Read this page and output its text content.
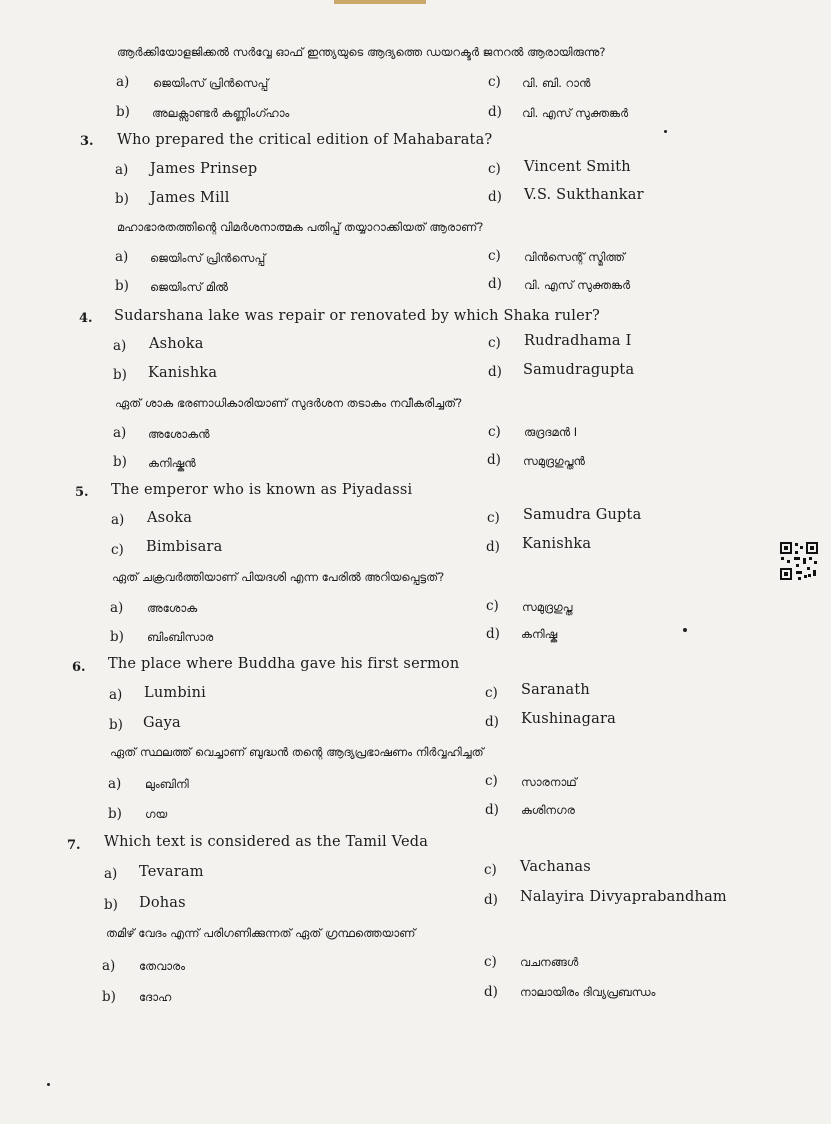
ആർക്കിയോളജിക്കൽ സർവ്വേ ഓഫ് ഇന്ത്യയുടെ ആദ്യത്തെ ഡയറക്ടർ ജനറൽ ആരായിരുന്നു?
a) ജെയിംസ് പ്രിൻസെപ്പ്	c) വി. ബി. റാൻ
b) അലക്സാണ്ടർ കണ്ണിംഗ്ഹാം	d) വി. എസ് സുക്തങ്കർ
3. Who prepared the critical edition of Mahabarata?
a) James Prinsep	c) Vincent Smith
b) James Mill	d) V.S. Sukthankar
മഹാഭാരതത്തിന്റെ വിമർശനാത്മക പതിപ്പ് തയ്യാറാക്കിയത് ആരാണ്?
a) ജെയിംസ് പ്രിൻസെപ്പ്	c) വിൻസെന്റ് സ്മിത്ത്
b) ജെയിംസ് മിൽ	d) വി. എസ് സുക്തങ്കർ
4. Sudarshana lake was repair or renovated by which Shaka ruler?
a) Ashoka	c) Rudradhama I
b) Kanishka	d) Samudragupta
ഏത് ശാക ഭരണാധികാരിയാണ് സുദർശന തടാകം നവീകരിച്ചത്?
a) അശോകൻ	c) രുദ്രദമൻ I
b) കനിഷ്കൻ	d) സമുദ്രഗുപ്തൻ
5. The emperor who is known as Piyadassi
a) Asoka	c) Samudra Gupta
c) Bimbisara	d) Kanishka
ഏത് ചക്രവർത്തിയാണ് പിയദശി എന്ന പേരിൽ അറിയപ്പെട്ടത്?
a) അശോക	c) സമുദ്രഗുപ്ത
b) ബിംബിസാര	d) കനിഷ്ക
6. The place where Buddha gave his first sermon
a) Lumbini	c) Saranath
b) Gaya	d) Kushinagara
ഏത് സ്ഥലത്ത് വെച്ചാണ് ബുദ്ധൻ തന്റെ ആദ്യപ്രഭാഷണം നിർവ്വഹിച്ചത്
a) ലുംബിനി	c) സാരനാഥ്
b) ഗയ	d) കുശിനഗര
7. Which text is considered as the Tamil Veda
a) Tevaram	c) Vachanas
b) Dohas	d) Nalayira Divyaprabandham
തമിഴ് വേദം എന്ന് പരിഗണിക്കുന്നത് ഏത് ഗ്രന്ഥത്തെയാണ്
a) തേവാരം	c) വചനങ്ങൾ
b) ദോഹ	d) നാലായിരം ദിവ്യപ്രബന്ധം
